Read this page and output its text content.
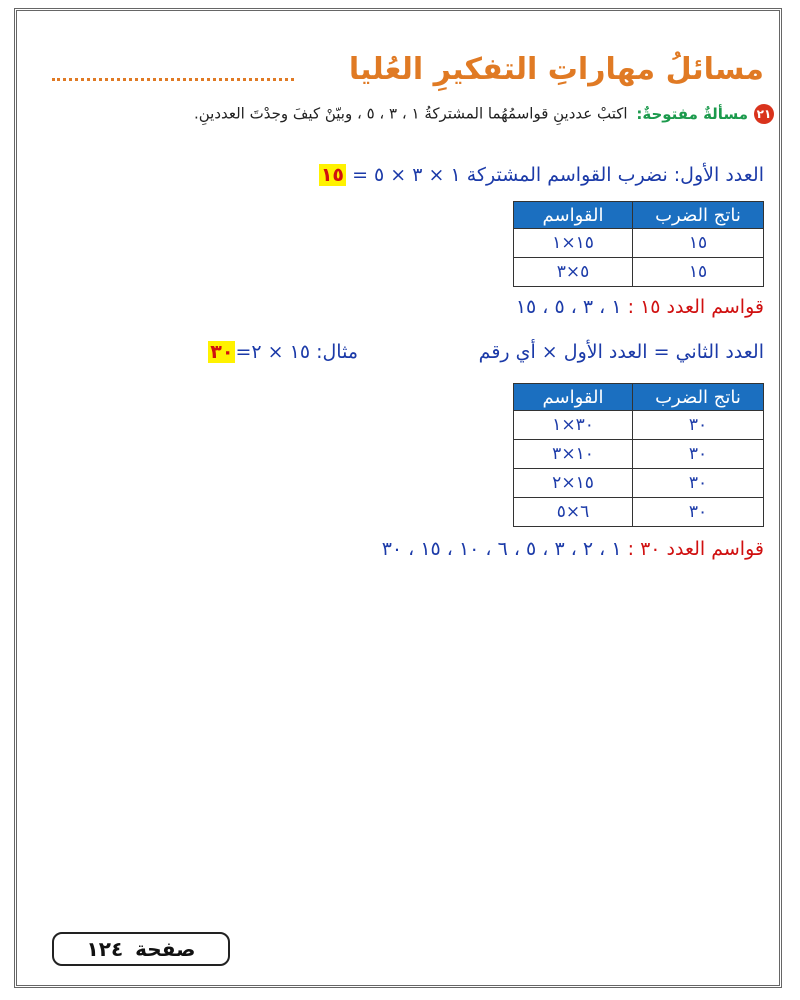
مسائلُ مهاراتِ التفكيرِ العُليا
٢١مسألةٌ مفتوحةٌ: اكتبْ عددينِ قواسمُهُما المشتركةُ ١ ، ٣ ، ٥ ، وبيّنْ كيفَ وجدْتَ العددينِ.
العدد الأول: نضرب القواسم المشتركة ١ × ٣ × ٥ = ١٥
ناتج الضرب	القواسم
١٥	١٥×١
١٥	٥×٣
قواسم العدد ١٥ : ١ ، ٣ ، ٥ ، ١٥
العدد الثاني = العدد الأول × أي رقم
مثال: ١٥ × ٢=٣٠
ناتج الضرب	القواسم
٣٠	٣٠×١
٣٠	١٠×٣
٣٠	١٥×٢
٣٠	٦×٥
قواسم العدد ٣٠ : ١ ، ٢ ، ٣ ، ٥ ، ٦ ، ١٠ ، ١٥ ، ٣٠
صفحة١٢٤
